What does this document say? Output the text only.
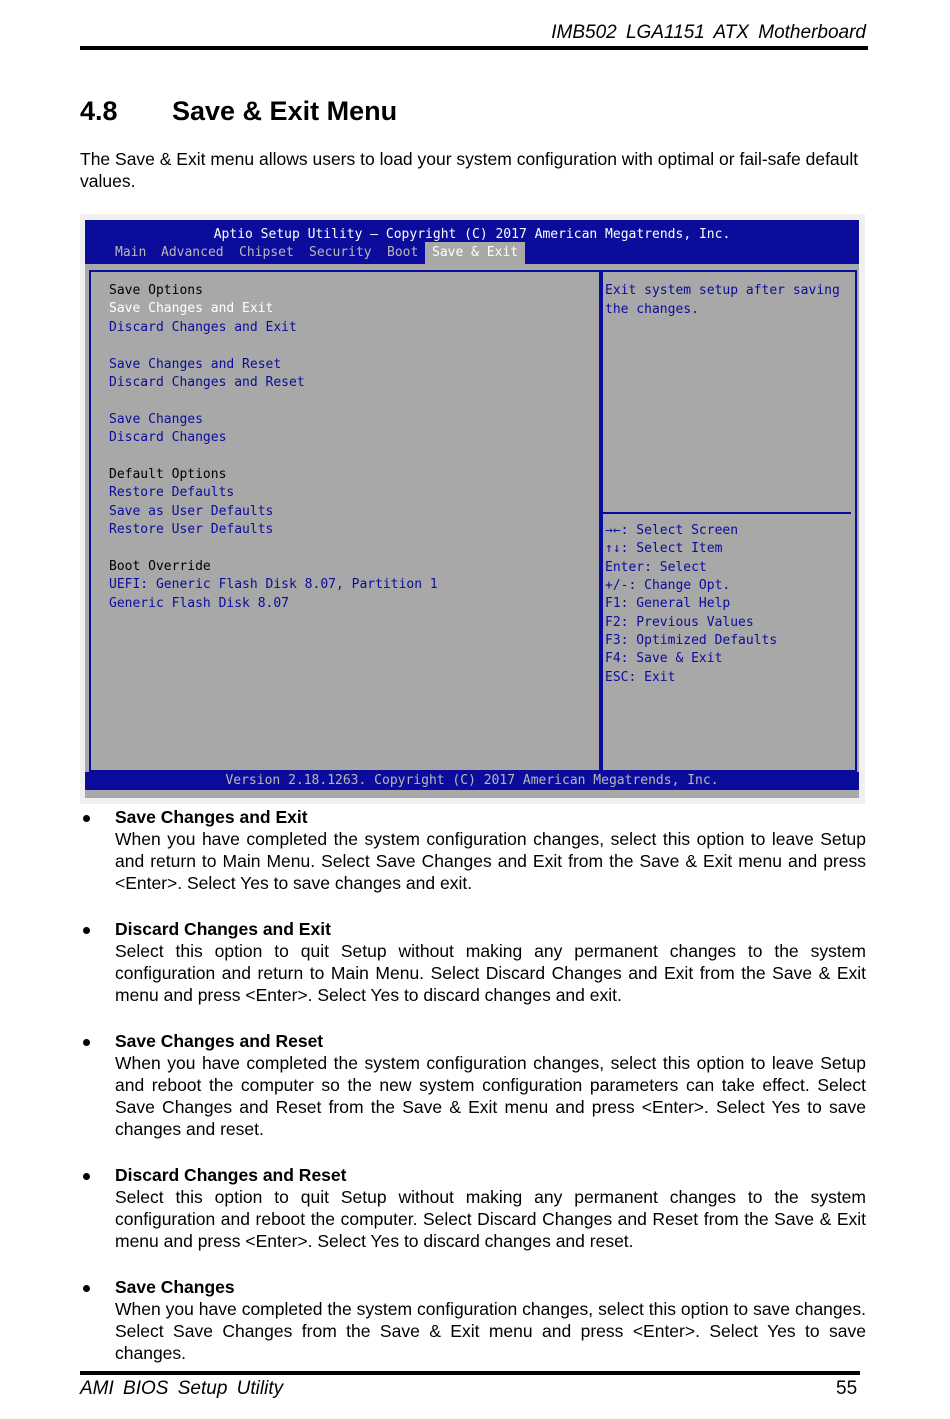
IMB502 LGA1151 ATX Motherboard
4.8 Save & Exit Menu
The Save & Exit menu allows users to load your system configuration with optimal or fail-safe default values.
Aptio Setup Utility – Copyright (C) 2017 American Megatrends, Inc.
Main Advanced Chipset Security Boot	Save & Exit
Save Options
Save Changes and Exit
Discard Changes and Exit
Save Changes and Reset
Discard Changes and Reset
Save Changes
Discard Changes
Default Options
Restore Defaults
Save as User Defaults
Restore User Defaults
Boot Override
UEFI: Generic Flash Disk 8.07, Partition 1
Generic Flash Disk 8.07
Exit system setup after saving the changes.
→←: Select Screen
↑↓: Select Item
Enter: Select
+/-: Change Opt.
F1: General Help
F2: Previous Values
F3: Optimized Defaults
F4: Save & Exit
ESC: Exit
Version 2.18.1263. Copyright (C) 2017 American Megatrends, Inc.
Save Changes and Exit
When you have completed the system configuration changes, select this option to leave Setup and return to Main Menu. Select Save Changes and Exit from the Save & Exit menu and press <Enter>. Select Yes to save changes and exit.
Discard Changes and Exit
Select this option to quit Setup without making any permanent changes to the system configuration and return to Main Menu. Select Discard Changes and Exit from the Save & Exit menu and press <Enter>. Select Yes to discard changes and exit.
Save Changes and Reset
When you have completed the system configuration changes, select this option to leave Setup and reboot the computer so the new system configuration parameters can take effect. Select Save Changes and Reset from the Save & Exit menu and press <Enter>. Select Yes to save changes and reset.
Discard Changes and Reset
Select this option to quit Setup without making any permanent changes to the system configuration and reboot the computer. Select Discard Changes and Reset from the Save & Exit menu and press <Enter>. Select Yes to discard changes and reset.
Save Changes
When you have completed the system configuration changes, select this option to save changes. Select Save Changes from the Save & Exit menu and press <Enter>. Select Yes to save changes.
AMI BIOS Setup Utility	55
